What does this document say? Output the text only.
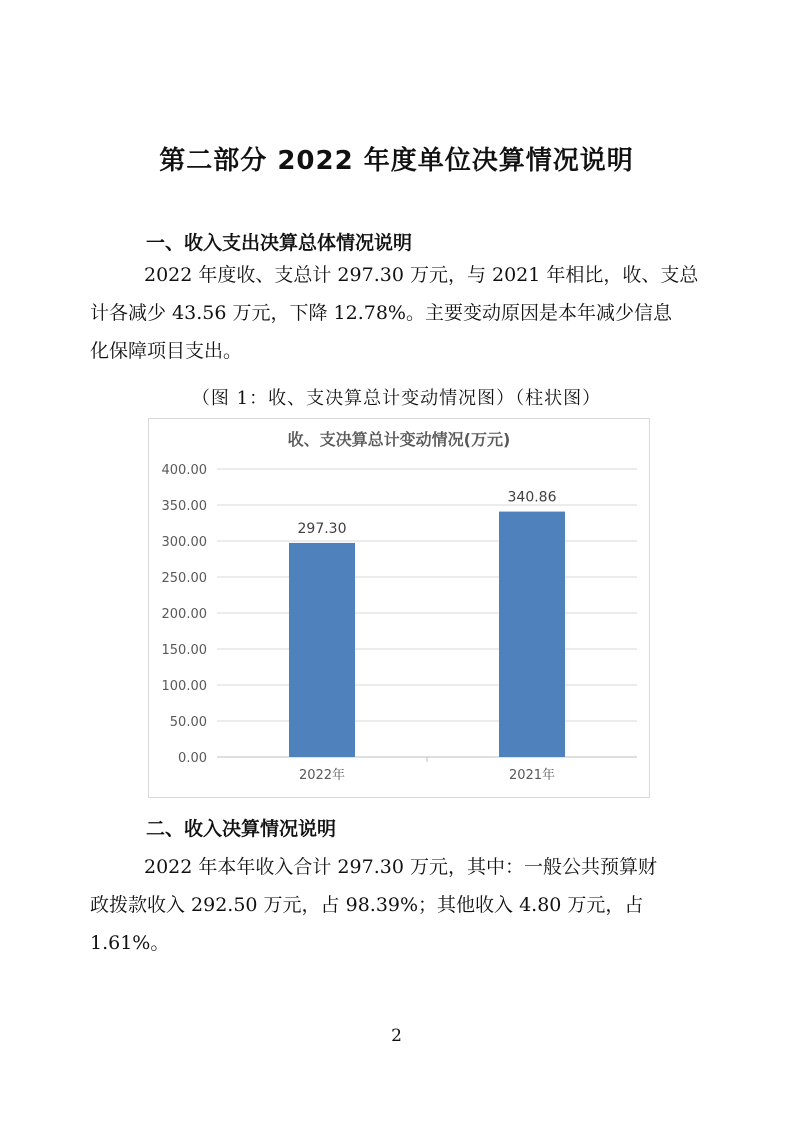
第二部分 2022 年度单位决算情况说明
一、收入支出决算总体情况说明
2022 年度收、支总计 297.30 万元，与 2021 年相比，收、支总
计各减少 43.56 万元，下降 12.78%。主要变动原因是本年减少信息
化保障项目支出。
（图 1：收、支决算总计变动情况图）（柱状图）
收、支决算总计变动情况(万元)
0.00
50.00
100.00
150.00
200.00
250.00
300.00
350.00
400.00
297.30
2022年
340.86
2021年
二、收入决算情况说明
2022 年本年收入合计 297.30 万元，其中：一般公共预算财
政拨款收入 292.50 万元，占 98.39%；其他收入 4.80 万元，占
1.61%。
2
